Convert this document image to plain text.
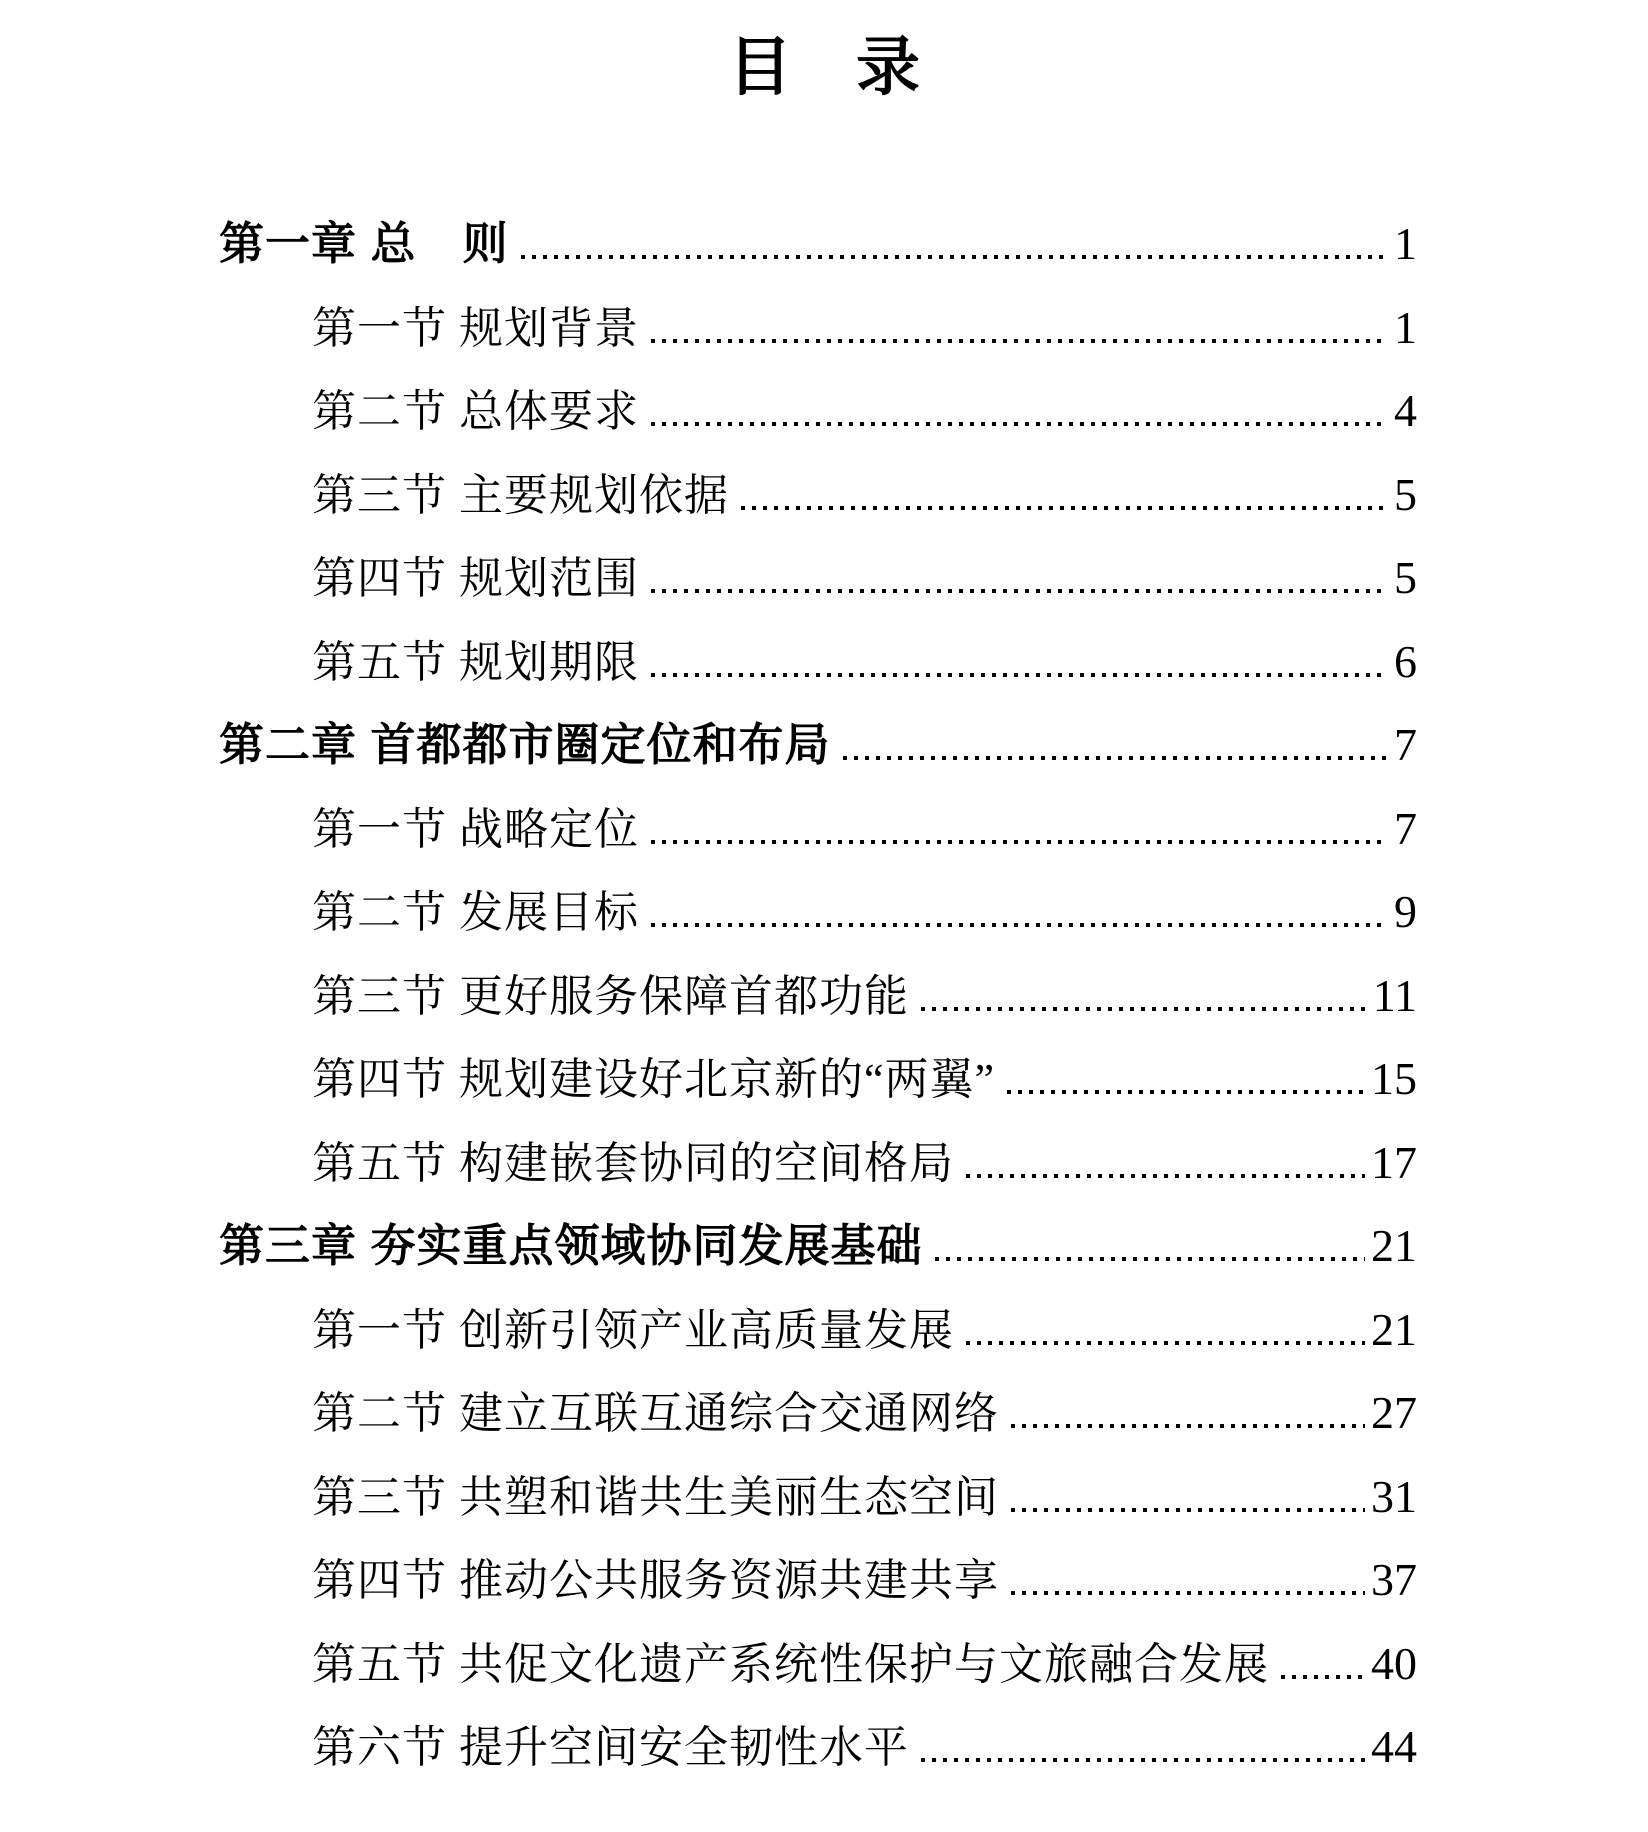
目　录
第一章 总　则	1
第一节 规划背景	1
第二节 总体要求	4
第三节 主要规划依据	5
第四节 规划范围	5
第五节 规划期限	6
第二章 首都都市圈定位和布局	7
第一节 战略定位	7
第二节 发展目标	9
第三节 更好服务保障首都功能	11
第四节 规划建设好北京新的“两翼”	15
第五节 构建嵌套协同的空间格局	17
第三章 夯实重点领域协同发展基础	21
第一节 创新引领产业高质量发展	21
第二节 建立互联互通综合交通网络	27
第三节 共塑和谐共生美丽生态空间	31
第四节 推动公共服务资源共建共享	37
第五节 共促文化遗产系统性保护与文旅融合发展 40
第六节 提升空间安全韧性水平	44
